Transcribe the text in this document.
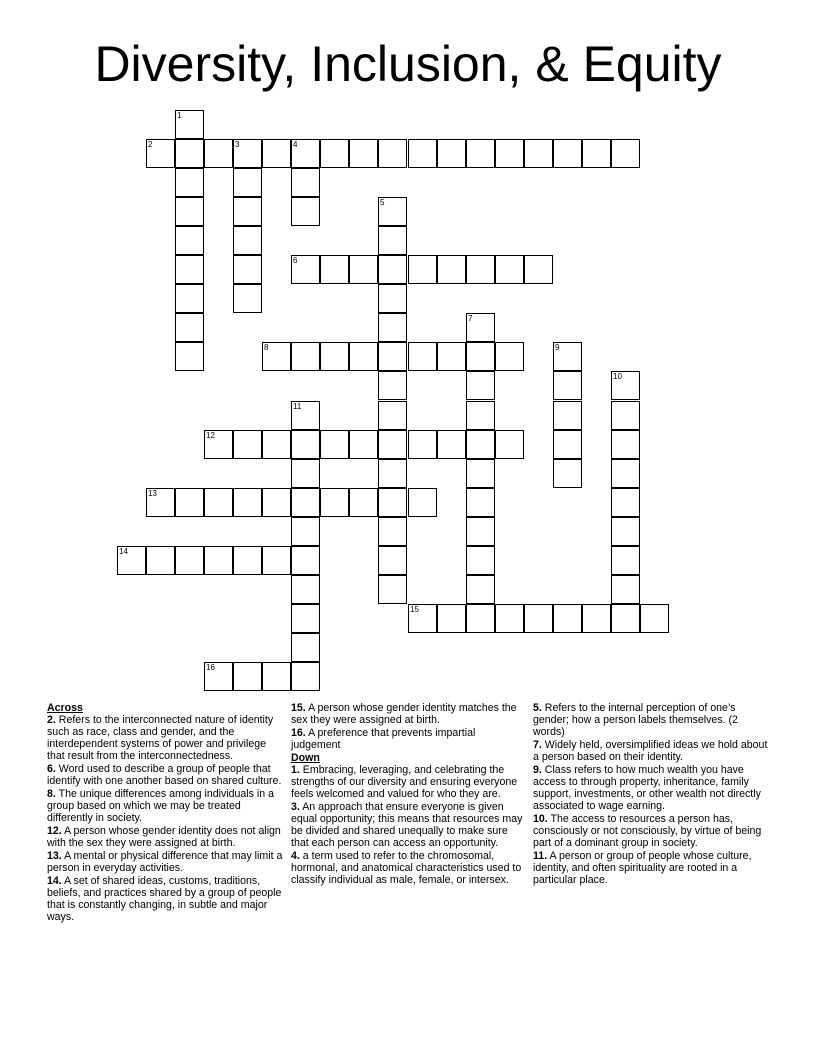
Diversity, Inclusion, & Equity
1
2	3	4
5
6
7
8	9
10
11
12
13
14
15
16
Across
2. Refers to the interconnected nature of identity such as race, class and gender, and the interdependent systems of power and privilege that result from the interconnectedness.
6. Word used to describe a group of people that identify with one another based on shared culture.
8. The unique differences among individuals in a group based on which we may be treated differently in society.
12. A person whose gender identity does not align with the sex they were assigned at birth.
13. A mental or physical difference that may limit a person in everyday activities.
14. A set of shared ideas, customs, traditions, beliefs, and practices shared by a group of people that is constantly changing, in subtle and major ways.
15. A person whose gender identity matches the sex they were assigned at birth.
16. A preference that prevents impartial judgement
Down
1. Embracing, leveraging, and celebrating the strengths of our diversity and ensuring everyone feels welcomed and valued for who they are.
3. An approach that ensure everyone is given equal opportunity; this means that resources may be divided and shared unequally to make sure that each person can access an opportunity.
4. a term used to refer to the chromosomal, hormonal, and anatomical characteristics used to classify individual as male, female, or intersex.
5. Refers to the internal perception of one’s gender; how a person labels themselves. (2 words)
7. Widely held, oversimplified ideas we hold about a person based on their identity.
9. Class refers to how much wealth you have access to through property, inheritance, family support, investments, or other wealth not directly associated to wage earning.
10. The access to resources a person has, consciously or not consciously, by virtue of being part of a dominant group in society.
11. A person or group of people whose culture, identity, and often spirituality are rooted in a particular place.
